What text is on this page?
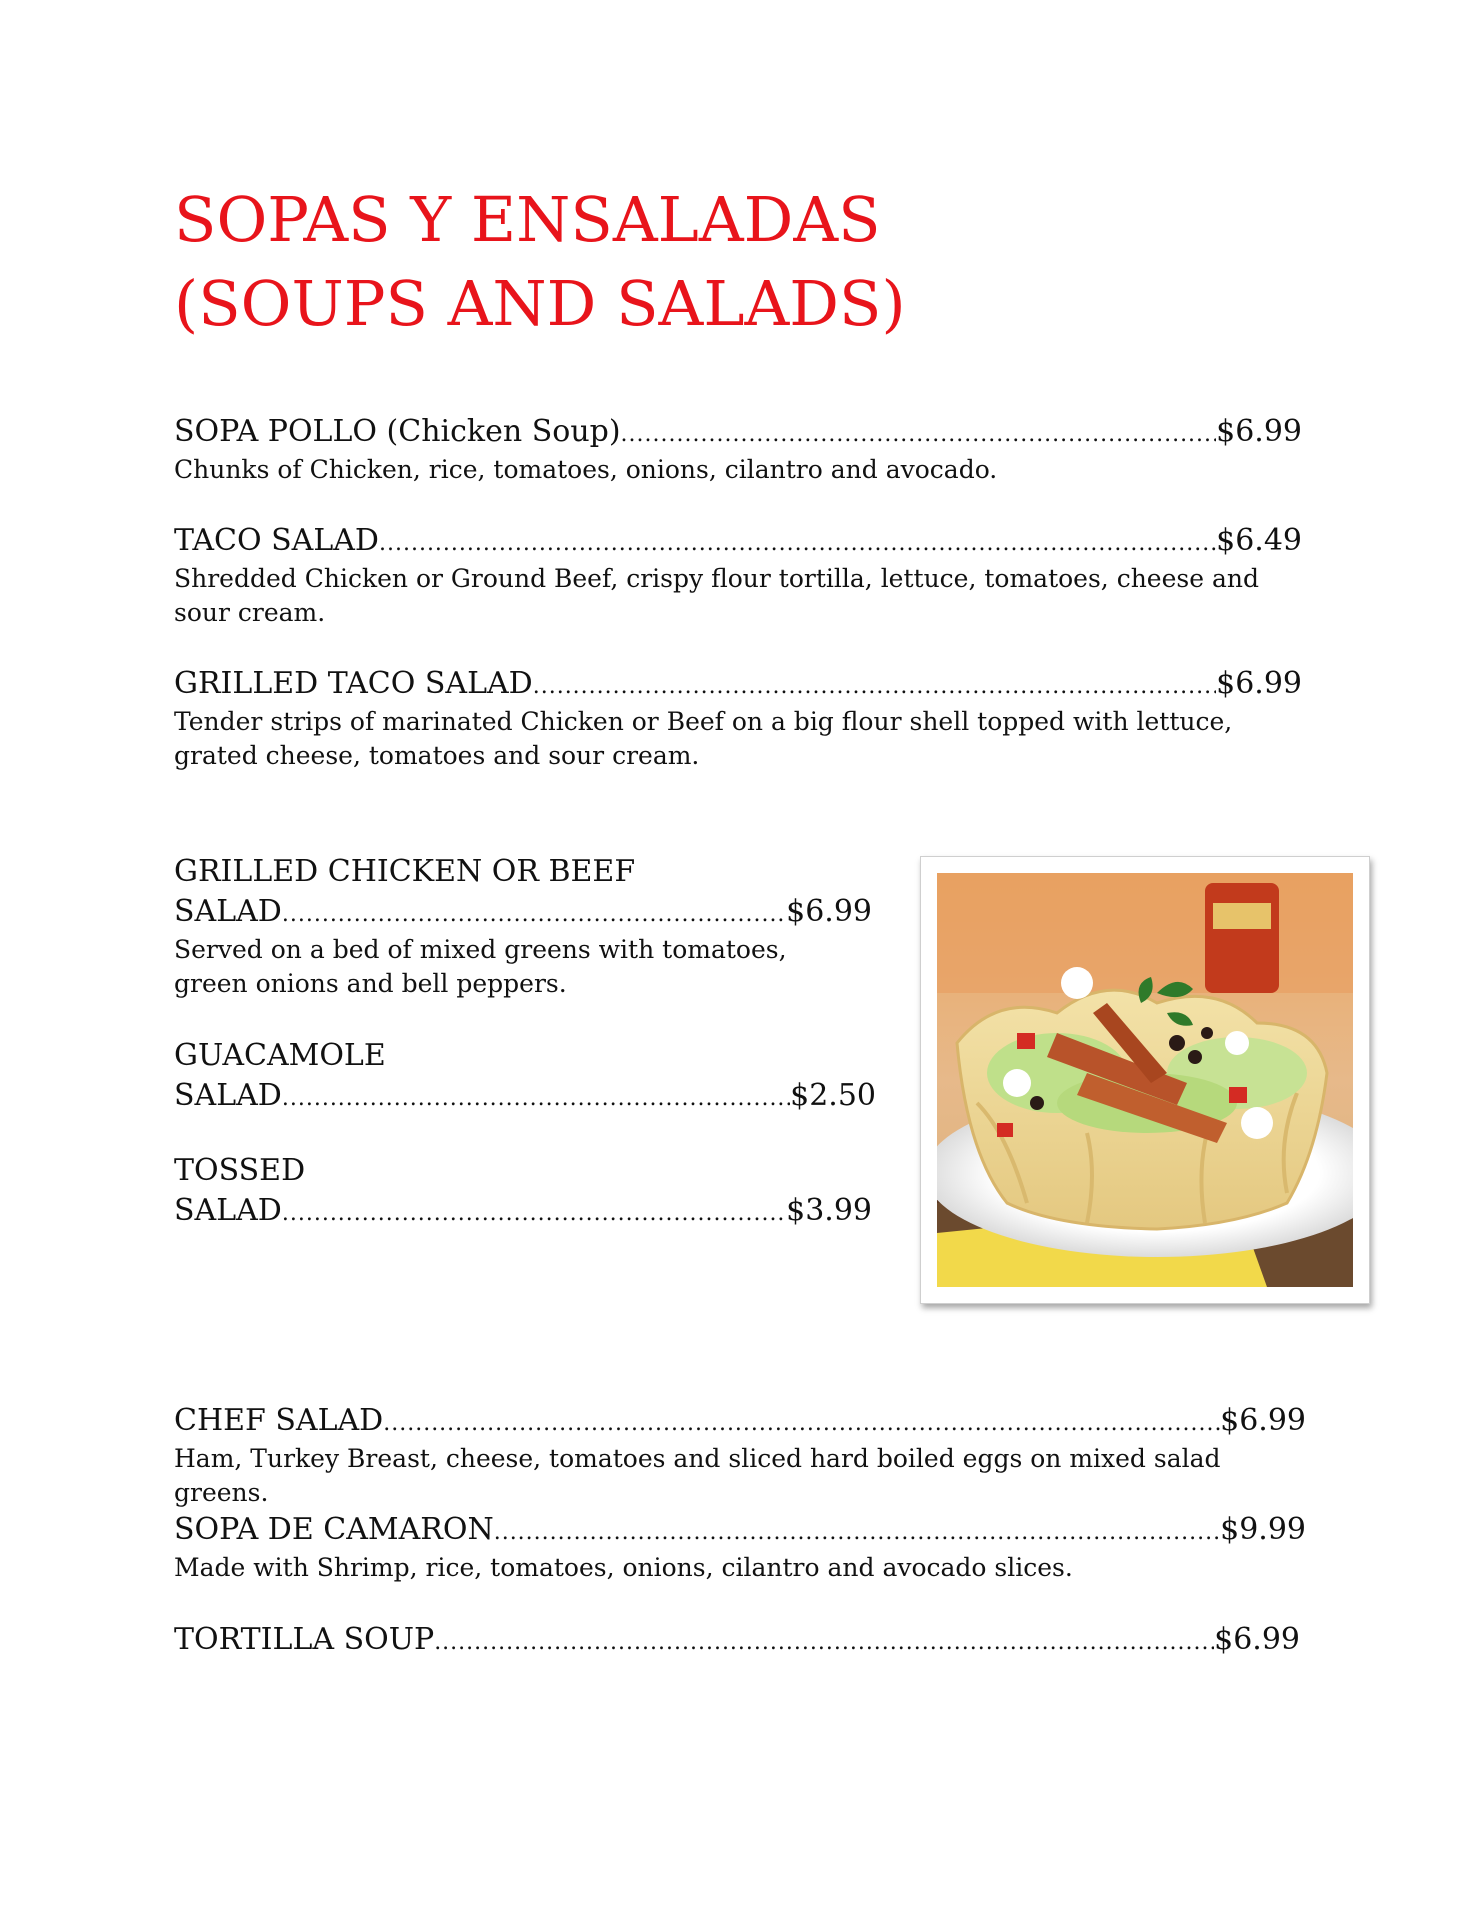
SOPAS Y ENSALADAS
(SOUPS AND SALADS)
SOPA POLLO (Chicken Soup) .....	$6.99
Chunks of Chicken, rice, tomatoes, onions, cilantro and avocado.
TACO SALAD .....	$6.49
Shredded Chicken or Ground Beef, crispy flour tortilla, lettuce, tomatoes, cheese and sour cream.
GRILLED TACO SALAD .....	$6.99
Tender strips of marinated Chicken or Beef on a big flour shell topped with lettuce, grated cheese, tomatoes and sour cream.
GRILLED CHICKEN OR BEEF
SALAD .....	$6.99
Served on a bed of mixed greens with tomatoes, green onions and bell peppers.
GUACAMOLE
SALAD .....	$2.50
TOSSED
SALAD .....	$3.99
CHEF SALAD .....	$6.99
Ham, Turkey Breast, cheese, tomatoes and sliced hard boiled eggs on mixed salad greens.
SOPA DE CAMARON .....	$9.99
Made with Shrimp, rice, tomatoes, onions, cilantro and avocado slices.
TORTILLA SOUP .....	$6.99
